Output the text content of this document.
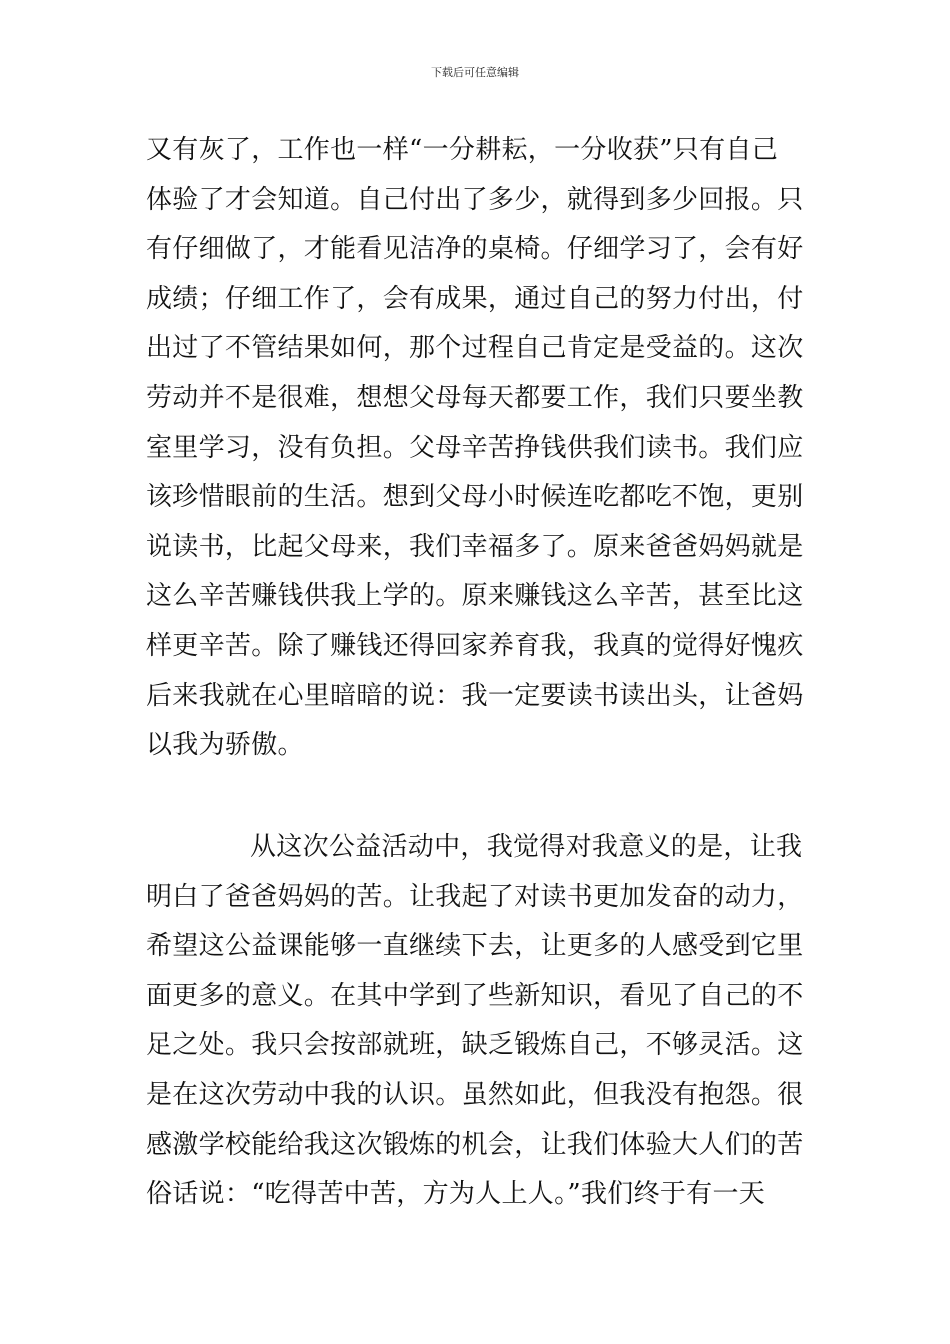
下载后可任意编辑
又有灰了，工作也一样“一分耕耘，一分收获”只有自己
体验了才会知道。自己付出了多少，就得到多少回报。只
有仔细做了，才能看见洁净的桌椅。仔细学习了，会有好
成绩；仔细工作了，会有成果，通过自己的努力付出，付
出过了不管结果如何，那个过程自己肯定是受益的。这次
劳动并不是很难，想想父母每天都要工作，我们只要坐教
室里学习，没有负担。父母辛苦挣钱供我们读书。我们应
该珍惜眼前的生活。想到父母小时候连吃都吃不饱，更别
说读书，比起父母来，我们幸福多了。原来爸爸妈妈就是
这么辛苦赚钱供我上学的。原来赚钱这么辛苦，甚至比这
样更辛苦。除了赚钱还得回家养育我，我真的觉得好愧疚
后来我就在心里暗暗的说：我一定要读书读出头，让爸妈
以我为骄傲。
从这次公益活动中，我觉得对我意义的是，让我
明白了爸爸妈妈的苦。让我起了对读书更加发奋的动力，
希望这公益课能够一直继续下去，让更多的人感受到它里
面更多的意义。在其中学到了些新知识，看见了自己的不
足之处。我只会按部就班，缺乏锻炼自己，不够灵活。这
是在这次劳动中我的认识。虽然如此，但我没有抱怨。很
感激学校能给我这次锻炼的机会，让我们体验大人们的苦
俗话说：“吃得苦中苦，方为人上人。”我们终于有一天
